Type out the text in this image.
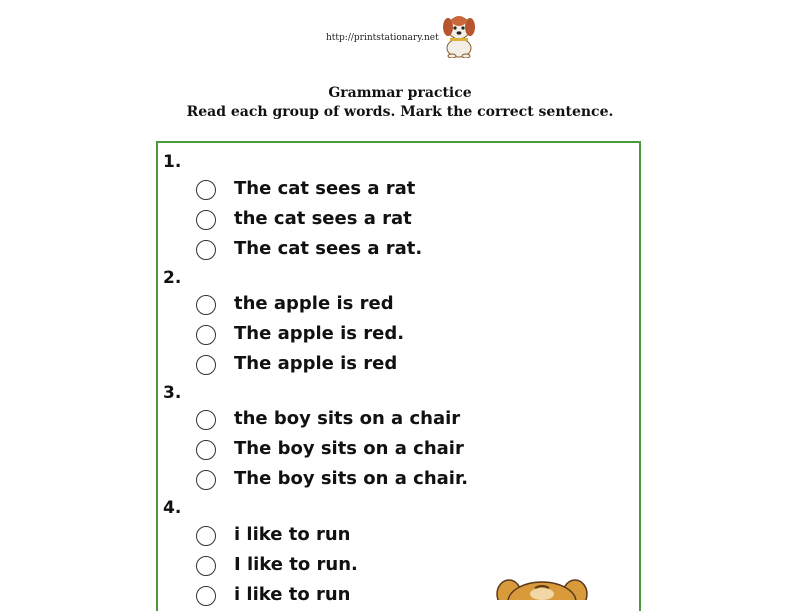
http://printstationary.net
Grammar practice
Read each group of words. Mark the correct sentence.
1.
The cat sees a rat
the cat sees a rat
The cat sees a rat.
2.
the apple is red
The apple is red.
The apple is red
3.
the boy sits on a chair
The boy sits on a chair
The boy sits on a chair.
4.
i like to run
I like to run.
i like to run
